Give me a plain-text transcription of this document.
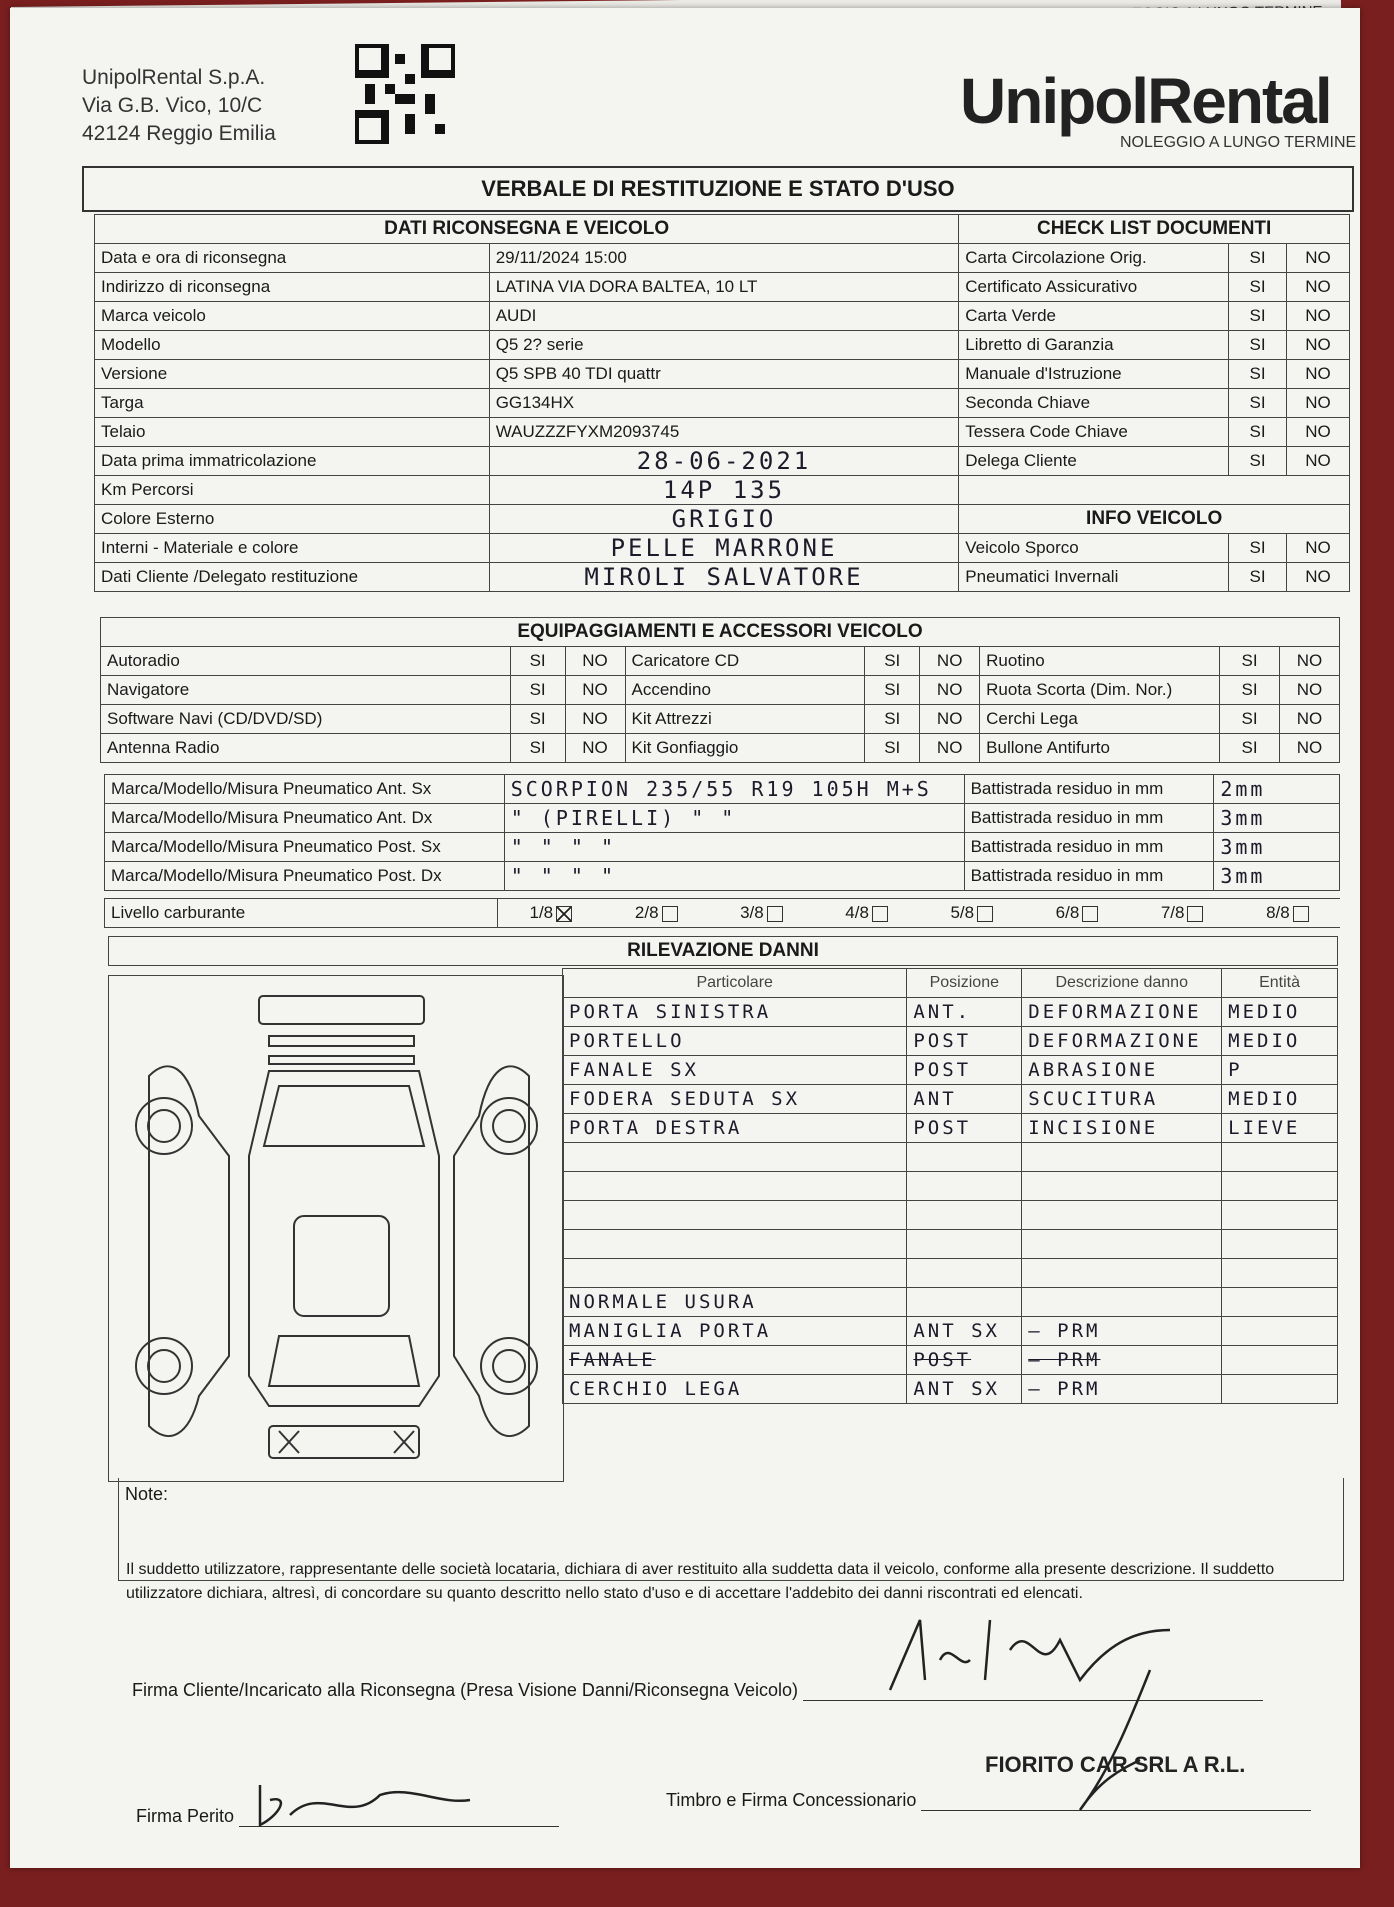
UnipolRental S.p.A.
Via G.B. Vico, 10/C
42124 Reggio Emilia	UnipolRental
NOLEGGIO A LUNGO TERMINE
VERBALE DI RESTITUZIONE E STATO D'USO
DATI RICONSEGNA E VEICOLO		CHECK LIST DOCUMENTI		
Data e ora di riconsegna	29/11/2024 15:00	Carta Circolazione Orig.	SI	NO
Indirizzo di riconsegna	LATINA VIA DORA BALTEA, 10 LT	Certificato Assicurativo	SI	NO
Marca veicolo	AUDI	Carta Verde	SI	NO
Modello	Q5 2? serie	Libretto di Garanzia	SI	NO
Versione	Q5 SPB 40 TDI quattr	Manuale d'Istruzione	SI	NO
Targa	GG134HX	Seconda Chiave	SI	NO
Telaio	WAUZZZFYXM2093745	Tessera Code Chiave	SI	NO
Data prima immatricolazione	28-06-2021	Delega Cliente	SI	NO
Km Percorsi	14P 135			
Colore Esterno	GRIGIO	INFO VEICOLO		
Interni - Materiale e colore	PELLE MARRONE	Veicolo Sporco	SI	NO
Dati Cliente /Delegato restituzione	MIROLI SALVATORE	Pneumatici Invernali	SI	NO
EQUIPAGGIAMENTI E ACCESSORI VEICOLO								
Autoradio	SI	NO	Caricatore CD	SI	NO	Ruotino	SI	NO
Navigatore	SI	NO	Accendino	SI	NO	Ruota Scorta (Dim. Nor.)	SI	NO
Software Navi (CD/DVD/SD)	SI	NO	Kit Attrezzi	SI	NO	Cerchi Lega	SI	NO
Antenna Radio	SI	NO	Kit Gonfiaggio	SI	NO	Bullone Antifurto	SI	NO
Marca/Modello/Misura Pneumatico Ant. Sx	SCORPION 235/55 R19 105H M+S	Battistrada residuo in mm	2mm
Marca/Modello/Misura Pneumatico Ant. Dx	" (PIRELLI) " "	Battistrada residuo in mm	3mm
Marca/Modello/Misura Pneumatico Post. Sx	" " " "	Battistrada residuo in mm	3mm
Marca/Modello/Misura Pneumatico Post. Dx	" " " "	Battistrada residuo in mm	3mm
Livello carburante	1/8	2/8	3/8	4/8	5/8	6/8	7/8	8/8
RILEVAZIONE DANNI
Particolare	Posizione	Descrizione danno	Entità
PORTA SINISTRA	ANT.	DEFORMAZIONE	MEDIO
PORTELLO	POST	DEFORMAZIONE	MEDIO
FANALE SX	POST	ABRASIONE	P
FODERA SEDUTA SX	ANT	SCUCITURA	MEDIO
PORTA DESTRA	POST	INCISIONE	LIEVE

NORMALE USURA			
MANIGLIA PORTA	ANT SX	— PRM	
FANALE	POST	— PRM	
CERCHIO LEGA	ANT SX	— PRM	
Note:
Il suddetto utilizzatore, rappresentante delle società locataria, dichiara di aver restituito alla suddetta data il veicolo, conforme alla presente descrizione. Il suddetto utilizzatore dichiara, altresì, di concordare su quanto descritto nello stato d'uso e di accettare l'addebito dei danni riscontrati ed elencati.
Firma Cliente/Incaricato alla Riconsegna (Presa Visione Danni/Riconsegna Veicolo)
Firma Perito
Timbro e Firma Concessionario
FIORITO CAR SRL A R.L.
